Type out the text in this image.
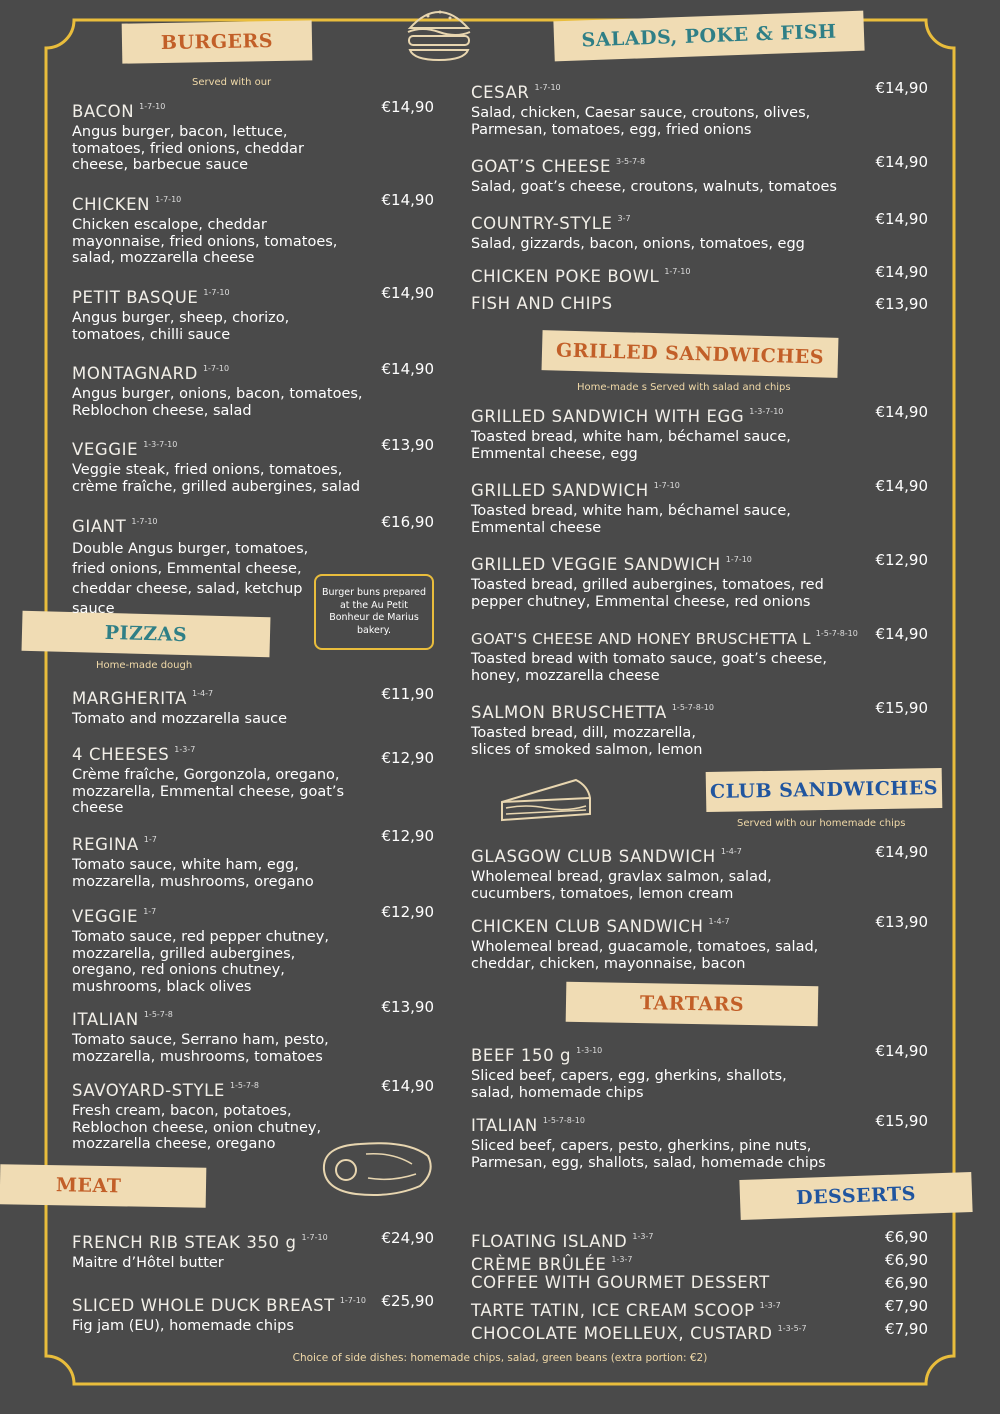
BURGERS
Served with our
PIZZAS
Home-made dough
MEAT
SALADS, POKE & FISH
GRILLED SANDWICHES
Home-made s Served with salad and chips
CLUB SANDWICHES
Served with our homemade chips
TARTARS
DESSERTS
Burger buns prepared at the Au Petit Bonheur de Marius bakery.
BACON $^{1-7-10}$	€14,90
Angus burger, bacon, lettuce, tomatoes, fried onions, cheddar cheese, barbecue sauce
CHICKEN $^{1-7-10}$	€14,90
Chicken escalope, cheddar mayonnaise, fried onions, tomatoes, salad, mozzarella cheese
PETIT BASQUE $^{1-7-10}$	€14,90
Angus burger, sheep, chorizo, tomatoes, chilli sauce
MONTAGNARD $^{1-7-10}$	€14,90
Angus burger, onions, bacon, tomatoes, Reblochon cheese, salad
VEGGIE $^{1-3-7-10}$	€13,90
Veggie steak, fried onions, tomatoes, crème fraîche, grilled aubergines, salad
GIANT $^{1-7-10}$	€16,90
Double Angus burger, tomatoes, fried onions, Emmental cheese, cheddar cheese, salad, ketchup sauce
MARGHERITA $^{1-4-7}$	€11,90
Tomato and mozzarella sauce
4 CHEESES $^{1-3-7}$	€12,90
Crème fraîche, Gorgonzola, oregano, mozzarella, Emmental cheese, goat’s cheese
REGINA $^{1-7}$	€12,90
Tomato sauce, white ham, egg, mozzarella, mushrooms, oregano
VEGGIE $^{1-7}$	€12,90
Tomato sauce, red pepper chutney, mozzarella, grilled aubergines, oregano, red onions chutney, mushrooms, black olives
ITALIAN $^{1-5-7-8}$	€13,90
Tomato sauce, Serrano ham, pesto, mozzarella, mushrooms, tomatoes
SAVOYARD-STYLE $^{1-5-7-8}$	€14,90
Fresh cream, bacon, potatoes, Reblochon cheese, onion chutney, mozzarella cheese, oregano
FRENCH RIB STEAK 350 g $^{1-7-10}$	€24,90
Maitre d’Hôtel butter
SLICED WHOLE DUCK BREAST $^{1-7-10}$	€25,90
Fig jam (EU), homemade chips
CESAR $^{1-7-10}$	€14,90
Salad, chicken, Caesar sauce, croutons, olives, Parmesan, tomatoes, egg, fried onions
GOAT’S CHEESE $^{3-5-7-8}$	€14,90
Salad, goat’s cheese, croutons, walnuts, tomatoes
COUNTRY-STYLE $^{3-7}$	€14,90
Salad, gizzards, bacon, onions, tomatoes, egg
CHICKEN POKE BOWL $^{1-7-10}$	€14,90
FISH AND CHIPS	€13,90
GRILLED SANDWICH WITH EGG $^{1-3-7-10}$	€14,90
Toasted bread, white ham, béchamel sauce, Emmental cheese, egg
GRILLED SANDWICH $^{1-7-10}$	€14,90
Toasted bread, white ham, béchamel sauce, Emmental cheese
GRILLED VEGGIE SANDWICH $^{1-7-10}$	€12,90
Toasted bread, grilled aubergines, tomatoes, red pepper chutney, Emmental cheese, red onions
GOAT'S CHEESE AND HONEY BRUSCHETTA L $^{1-5-7-8-10}$	€14,90
Toasted bread with tomato sauce, goat’s cheese, honey, mozzarella cheese
SALMON BRUSCHETTA $^{1-5-7-8-10}$	€15,90
Toasted bread, dill, mozzarella, slices of smoked salmon, lemon
GLASGOW CLUB SANDWICH $^{1-4-7}$	€14,90
Wholemeal bread, gravlax salmon, salad, cucumbers, tomatoes, lemon cream
CHICKEN CLUB SANDWICH $^{1-4-7}$	€13,90
Wholemeal bread, guacamole, tomatoes, salad, cheddar, chicken, mayonnaise, bacon
BEEF 150 g $^{1-3-10}$	€14,90
Sliced beef, capers, egg, gherkins, shallots, salad, homemade chips
ITALIAN $^{1-5-7-8-10}$	€15,90
Sliced beef, capers, pesto, gherkins, pine nuts, Parmesan, egg, shallots, salad, homemade chips
FLOATING ISLAND $^{1-3-7}$	€6,90
CRÈME BRÛLÉE $^{1-3-7}$	€6,90
COFFEE WITH GOURMET DESSERT	€6,90
TARTE TATIN, ICE CREAM SCOOP $^{1-3-7}$	€7,90
CHOCOLATE MOELLEUX, CUSTARD $^{1-3-5-7}$	€7,90
Choice of side dishes: homemade chips, salad, green beans (extra portion: €2)
